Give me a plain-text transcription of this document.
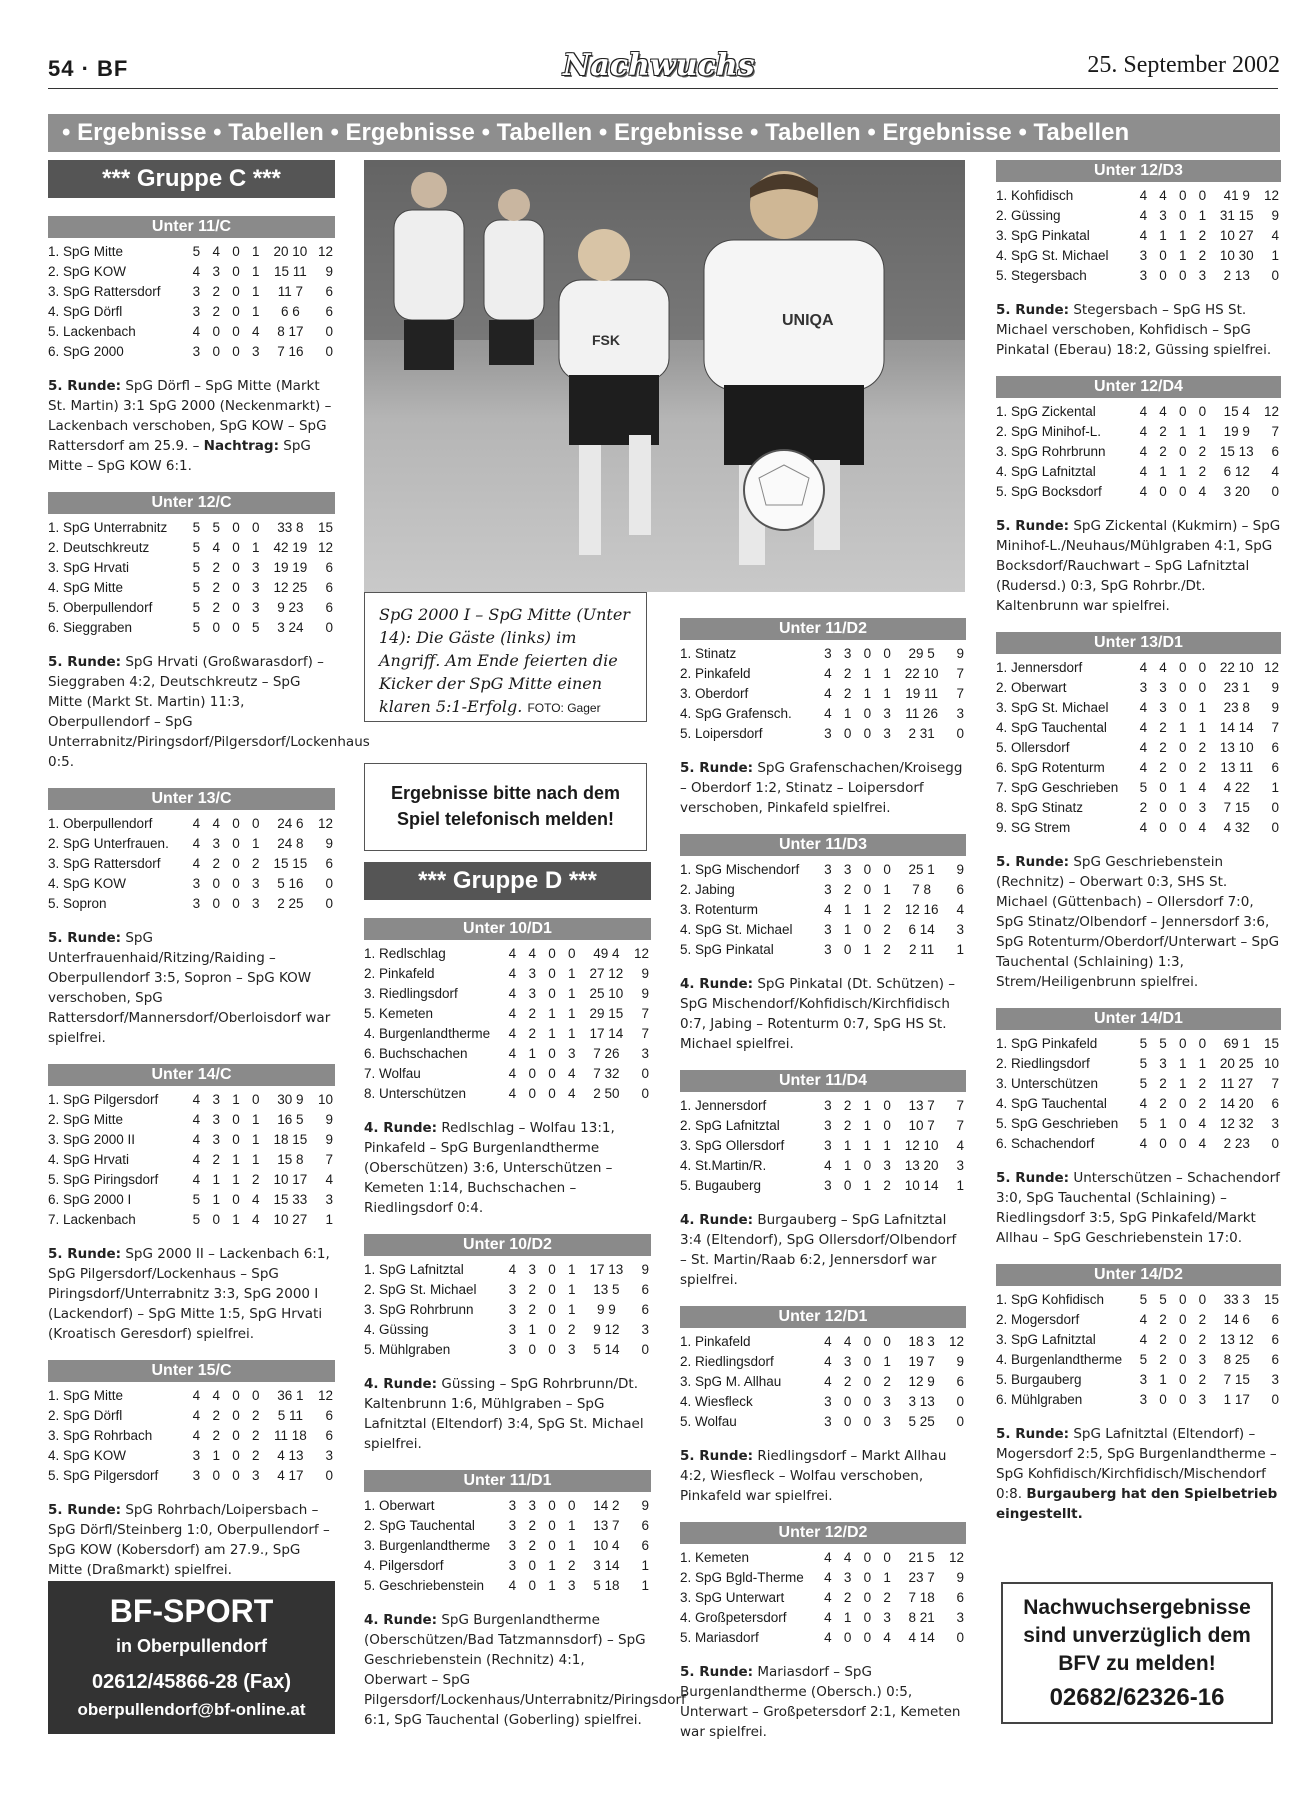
54 · BF	Nachwuchs	25. September 2002
• Ergebnisse • Tabellen • Ergebnisse • Tabellen • Ergebnisse • Tabellen • Ergebnisse • Tabellen
*** Gruppe C ***
Unter 11/C
1. SpG Mitte	5	4	0	1	20 10	12
2. SpG KOW	4	3	0	1	15 11	9
3. SpG Rattersdorf	3	2	0	1	11 7	6
4. SpG Dörfl	3	2	0	1	6 6	6
5. Lackenbach	4	0	0	4	8 17	0
6. SpG 2000	3	0	0	3	7 16	0
5. Runde: SpG Dörfl – SpG Mitte (Markt St. Martin) 3:1 SpG 2000 (Neckenmarkt) – Lackenbach verschoben, SpG KOW – SpG Rattersdorf am 25.9. – Nachtrag: SpG Mitte – SpG KOW 6:1.
Unter 12/C
1. SpG Unterrabnitz	5	5	0	0	33 8	15
2. Deutschkreutz	5	4	0	1	42 19	12
3. SpG Hrvati	5	2	0	3	19 19	6
4. SpG Mitte	5	2	0	3	12 25	6
5. Oberpullendorf	5	2	0	3	9 23	6
6. Sieggraben	5	0	0	5	3 24	0
5. Runde: SpG Hrvati (Großwarasdorf) – Sieggraben 4:2, Deutschkreutz – SpG Mitte (Markt St. Martin) 11:3, Oberpullendorf – SpG Unterrabnitz/Piringsdorf/Pilgersdorf/Lockenhaus 0:5.
Unter 13/C
1. Oberpullendorf	4	4	0	0	24 6	12
2. SpG Unterfrauen.	4	3	0	1	24 8	9
3. SpG Rattersdorf	4	2	0	2	15 15	6
4. SpG KOW	3	0	0	3	5 16	0
5. Sopron	3	0	0	3	2 25	0
5. Runde: SpG Unterfrauenhaid/Ritzing/Raiding – Oberpullendorf 3:5, Sopron – SpG KOW verschoben, SpG Rattersdorf/Mannersdorf/Oberloisdorf war spielfrei.
Unter 14/C
1. SpG Pilgersdorf	4	3	1	0	30 9	10
2. SpG Mitte	4	3	0	1	16 5	9
3. SpG 2000 II	4	3	0	1	18 15	9
4. SpG Hrvati	4	2	1	1	15 8	7
5. SpG Piringsdorf	4	1	1	2	10 17	4
6. SpG 2000 I	5	1	0	4	15 33	3
7. Lackenbach	5	0	1	4	10 27	1
5. Runde: SpG 2000 II – Lackenbach 6:1, SpG Pilgersdorf/Lockenhaus – SpG Piringsdorf/Unterrabnitz 3:3, SpG 2000 I (Lackendorf) – SpG Mitte 1:5, SpG Hrvati (Kroatisch Geresdorf) spielfrei.
Unter 15/C
1. SpG Mitte	4	4	0	0	36 1	12
2. SpG Dörfl	4	2	0	2	5 11	6
3. SpG Rohrbach	4	2	0	2	11 18	6
4. SpG KOW	3	1	0	2	4 13	3
5. SpG Pilgersdorf	3	0	0	3	4 17	0
5. Runde: SpG Rohrbach/Loipersbach – SpG Dörfl/Steinberg 1:0, Oberpullendorf – SpG KOW (Kobersdorf) am 27.9., SpG Mitte (Draßmarkt) spielfrei.
FSK
UNIQA
SpG 2000 I – SpG Mitte (Unter 14): Die Gäste (links) im Angriff. Am Ende feierten die Kicker der SpG Mitte einen klaren 5:1-Erfolg. FOTO: Gager
Ergebnisse bitte nach dem
Spiel telefonisch melden!
*** Gruppe D ***
Unter 10/D1
1. Redlschlag	4	4	0	0	49 4	12
2. Pinkafeld	4	3	0	1	27 12	9
3. Riedlingsdorf	4	3	0	1	25 10	9
5. Kemeten	4	2	1	1	29 15	7
4. Burgenlandtherme	4	2	1	1	17 14	7
6. Buchschachen	4	1	0	3	7 26	3
7. Wolfau	4	0	0	4	7 32	0
8. Unterschützen	4	0	0	4	2 50	0
4. Runde: Redlschlag – Wolfau 13:1, Pinkafeld – SpG Burgenlandtherme (Oberschützen) 3:6, Unterschützen – Kemeten 1:14, Buchschachen – Riedlingsdorf 0:4.
Unter 10/D2
1. SpG Lafnitztal	4	3	0	1	17 13	9
2. SpG St. Michael	3	2	0	1	13 5	6
3. SpG Rohrbrunn	3	2	0	1	9 9	6
4. Güssing	3	1	0	2	9 12	3
5. Mühlgraben	3	0	0	3	5 14	0
4. Runde: Güssing – SpG Rohrbrunn/Dt. Kaltenbrunn 1:6, Mühlgraben – SpG Lafnitztal (Eltendorf) 3:4, SpG St. Michael spielfrei.
Unter 11/D1
1. Oberwart	3	3	0	0	14 2	9
2. SpG Tauchental	3	2	0	1	13 7	6
3. Burgenlandtherme	3	2	0	1	10 4	6
4. Pilgersdorf	3	0	1	2	3 14	1
5. Geschriebenstein	4	0	1	3	5 18	1
4. Runde: SpG Burgenlandtherme (Oberschützen/Bad Tatzmannsdorf) – SpG Geschriebenstein (Rechnitz) 4:1, Oberwart – SpG Pilgersdorf/Lockenhaus/Unterrabnitz/Piringsdorf 6:1, SpG Tauchental (Goberling) spielfrei.
Unter 11/D2
1. Stinatz	3	3	0	0	29 5	9
2. Pinkafeld	4	2	1	1	22 10	7
3. Oberdorf	4	2	1	1	19 11	7
4. SpG Grafensch.	4	1	0	3	11 26	3
5. Loipersdorf	3	0	0	3	2 31	0
5. Runde: SpG Grafenschachen/Kroisegg – Oberdorf 1:2, Stinatz – Loipersdorf verschoben, Pinkafeld spielfrei.
Unter 11/D3
1. SpG Mischendorf	3	3	0	0	25 1	9
2. Jabing	3	2	0	1	7 8	6
3. Rotenturm	4	1	1	2	12 16	4
4. SpG St. Michael	3	1	0	2	6 14	3
5. SpG Pinkatal	3	0	1	2	2 11	1
4. Runde: SpG Pinkatal (Dt. Schützen) – SpG Mischendorf/Kohfidisch/Kirchfidisch 0:7, Jabing – Rotenturm 0:7, SpG HS St. Michael spielfrei.
Unter 11/D4
1. Jennersdorf	3	2	1	0	13 7	7
2. SpG Lafnitztal	3	2	1	0	10 7	7
3. SpG Ollersdorf	3	1	1	1	12 10	4
4. St.Martin/R.	4	1	0	3	13 20	3
5. Bugauberg	3	0	1	2	10 14	1
4. Runde: Burgauberg – SpG Lafnitztal 3:4 (Eltendorf), SpG Ollersdorf/Olbendorf – St. Martin/Raab 6:2, Jennersdorf war spielfrei.
Unter 12/D1
1. Pinkafeld	4	4	0	0	18 3	12
2. Riedlingsdorf	4	3	0	1	19 7	9
3. SpG M. Allhau	4	2	0	2	12 9	6
4. Wiesfleck	3	0	0	3	3 13	0
5. Wolfau	3	0	0	3	5 25	0
5. Runde: Riedlingsdorf – Markt Allhau 4:2, Wiesfleck – Wolfau verschoben, Pinkafeld war spielfrei.
Unter 12/D2
1. Kemeten	4	4	0	0	21 5	12
2. SpG Bgld-Therme	4	3	0	1	23 7	9
3. SpG Unterwart	4	2	0	2	7 18	6
4. Großpetersdorf	4	1	0	3	8 21	3
5. Mariasdorf	4	0	0	4	4 14	0
5. Runde: Mariasdorf – SpG Burgenlandtherme (Obersch.) 0:5, Unterwart – Großpetersdorf 2:1, Kemeten war spielfrei.
Unter 12/D3
1. Kohfidisch	4	4	0	0	41 9	12
2. Güssing	4	3	0	1	31 15	9
3. SpG Pinkatal	4	1	1	2	10 27	4
4. SpG St. Michael	3	0	1	2	10 30	1
5. Stegersbach	3	0	0	3	2 13	0
5. Runde: Stegersbach – SpG HS St. Michael verschoben, Kohfidisch – SpG Pinkatal (Eberau) 18:2, Güssing spielfrei.
Unter 12/D4
1. SpG Zickental	4	4	0	0	15 4	12
2. SpG Minihof-L.	4	2	1	1	19 9	7
3. SpG Rohrbrunn	4	2	0	2	15 13	6
4. SpG Lafnitztal	4	1	1	2	6 12	4
5. SpG Bocksdorf	4	0	0	4	3 20	0
5. Runde: SpG Zickental (Kukmirn) – SpG Minihof-L./Neuhaus/Mühlgraben 4:1, SpG Bocksdorf/Rauchwart – SpG Lafnitztal (Rudersd.) 0:3, SpG Rohrbr./Dt. Kaltenbrunn war spielfrei.
Unter 13/D1
1. Jennersdorf	4	4	0	0	22 10	12
2. Oberwart	3	3	0	0	23 1	9
3. SpG St. Michael	4	3	0	1	23 8	9
4. SpG Tauchental	4	2	1	1	14 14	7
5. Ollersdorf	4	2	0	2	13 10	6
6. SpG Rotenturm	4	2	0	2	13 11	6
7. SpG Geschrieben	5	0	1	4	4 22	1
8. SpG Stinatz	2	0	0	3	7 15	0
9. SG Strem	4	0	0	4	4 32	0
5. Runde: SpG Geschriebenstein (Rechnitz) – Oberwart 0:3, SHS St. Michael (Güttenbach) – Ollersdorf 7:0, SpG Stinatz/Olbendorf – Jennersdorf 3:6, SpG Rotenturm/Oberdorf/Unterwart – SpG Tauchental (Schlaining) 1:3, Strem/Heiligenbrunn spielfrei.
Unter 14/D1
1. SpG Pinkafeld	5	5	0	0	69 1	15
2. Riedlingsdorf	5	3	1	1	20 25	10
3. Unterschützen	5	2	1	2	11 27	7
4. SpG Tauchental	4	2	0	2	14 20	6
5. SpG Geschrieben	5	1	0	4	12 32	3
6. Schachendorf	4	0	0	4	2 23	0
5. Runde: Unterschützen – Schachendorf 3:0, SpG Tauchental (Schlaining) – Riedlingsdorf 3:5, SpG Pinkafeld/Markt Allhau – SpG Geschriebenstein 17:0.
Unter 14/D2
1. SpG Kohfidisch	5	5	0	0	33 3	15
2. Mogersdorf	4	2	0	2	14 6	6
3. SpG Lafnitztal	4	2	0	2	13 12	6
4. Burgenlandtherme	5	2	0	3	8 25	6
5. Burgauberg	3	1	0	2	7 15	3
6. Mühlgraben	3	0	0	3	1 17	0
5. Runde: SpG Lafnitztal (Eltendorf) – Mogersdorf 2:5, SpG Burgenlandtherme – SpG Kohfidisch/Kirchfidisch/Mischendorf 0:8. Burgauberg hat den Spielbetrieb eingestellt.
BF-SPORT
in Oberpullendorf
02612/45866-28 (Fax)
oberpullendorf@bf-online.at
Nachwuchsergebnisse
sind unverzüglich dem
BFV zu melden!
02682/62326-16
